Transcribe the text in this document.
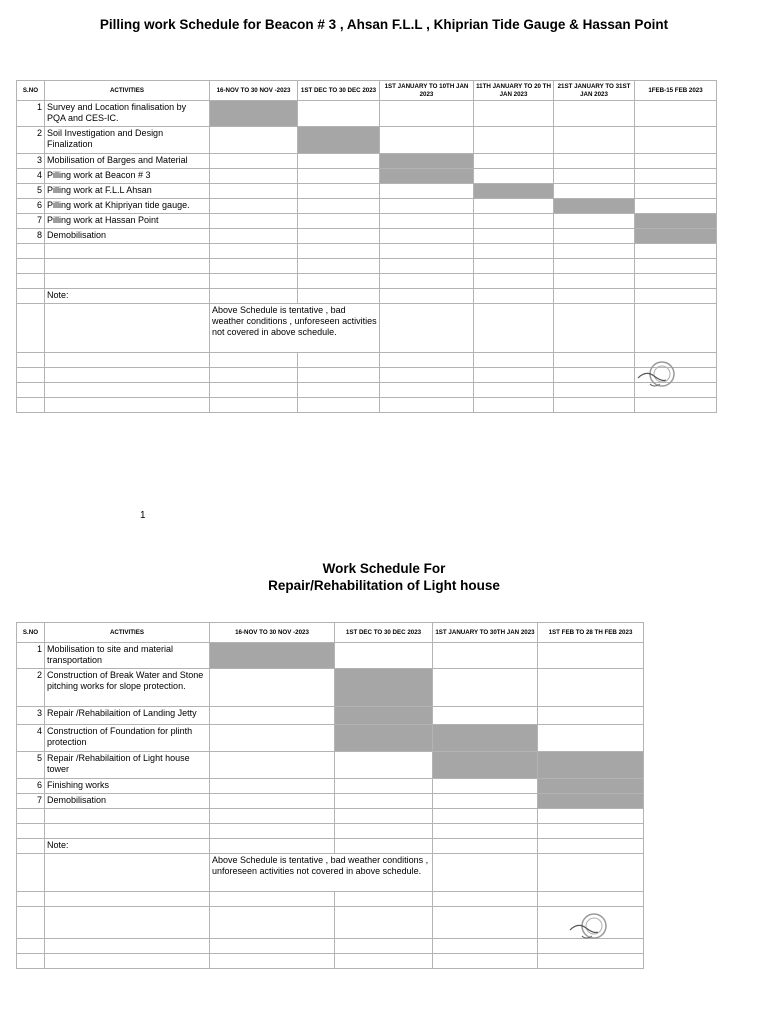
Pilling work Schedule for Beacon # 3 , Ahsan F.L.L , Khiprian Tide Gauge & Hassan Point
S.NO	ACTIVITIES	16-NOV TO 30 NOV -2023	1ST DEC TO 30 DEC 2023	1ST JANUARY TO 10TH JAN 2023	11TH JANUARY TO 20 TH JAN 2023	21ST JANUARY TO 31ST JAN 2023	1FEB-15 FEB 2023
1	Survey and Location finalisation by PQA and CES-IC.						
2	Soil Investigation and Design Finalization						
3	Mobilisation of Barges and Material						
4	Pilling work at Beacon # 3						
5	Pilling work at F.L.L Ahsan						
6	Pilling work at Khipriyan tide gauge.						
7	Pilling work at Hassan Point						
8	Demobilisation						

	Note:						
		Above Schedule is tentative , bad weather conditions , unforeseen activities not covered in above schedule.					

1
Work Schedule For
Repair/Rehabilitation of Light house
S.NO	ACTIVITIES	16-NOV TO 30 NOV -2023	1ST DEC TO 30 DEC 2023	1ST JANUARY TO 30TH JAN 2023	1ST FEB TO 28 TH FEB 2023
1	Mobilisation to site and material transportation				
2	Construction of Break Water and Stone pitching works for slope protection.				
3	Repair /Rehabilaition of Landing Jetty				
4	Construction of Foundation for plinth protection				
5	Repair /Rehabilaition of Light house tower				
6	Finishing works				
7	Demobilisation				

	Note:				
		Above Schedule is tentative , bad weather conditions , unforeseen activities not covered in above schedule.			
